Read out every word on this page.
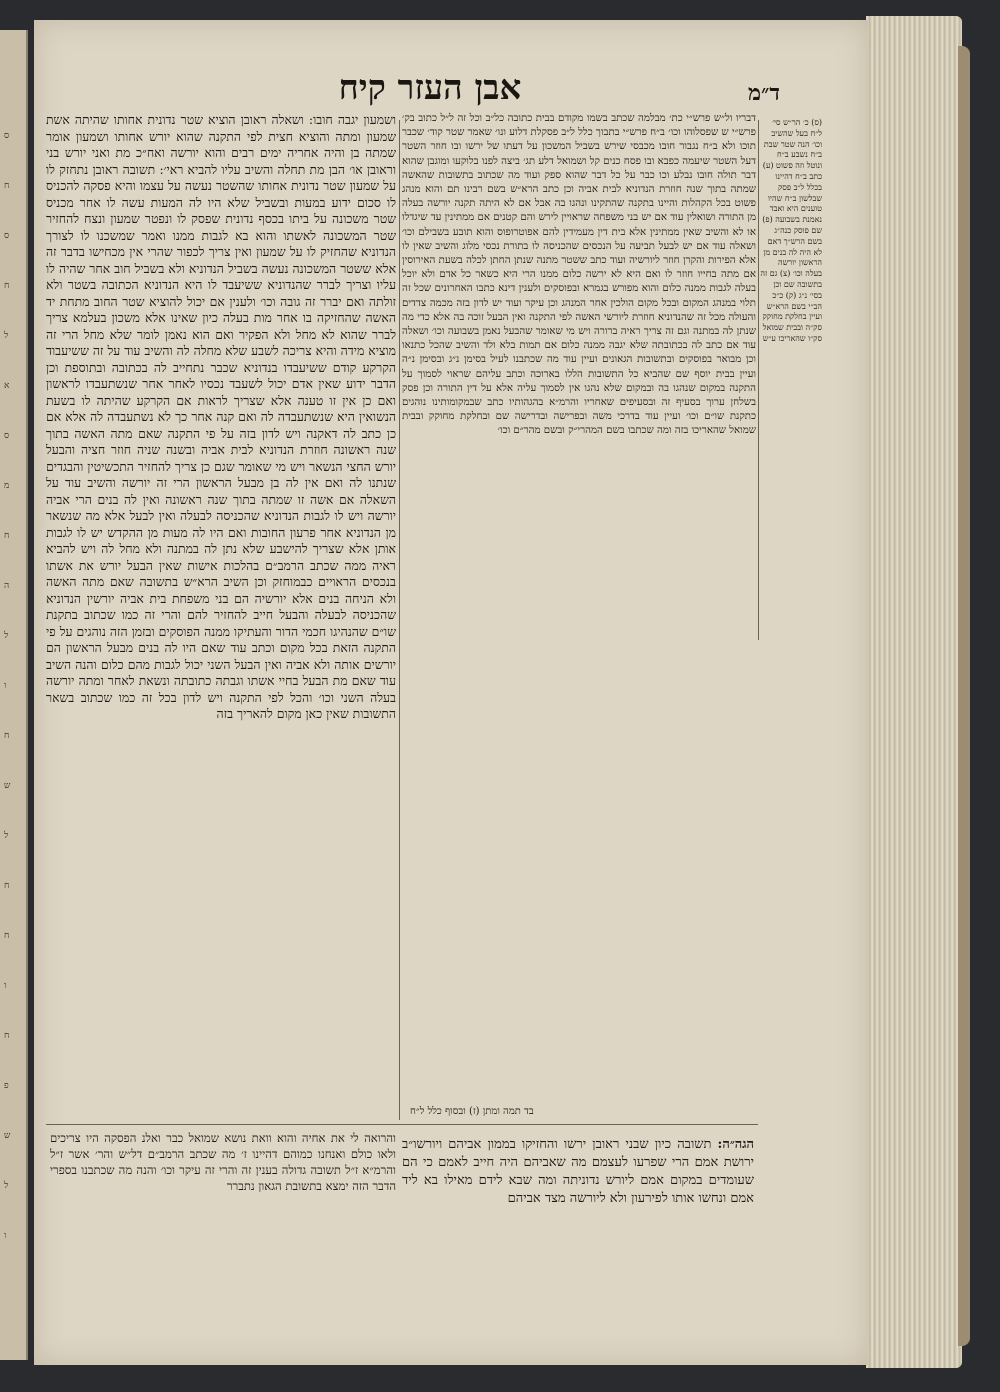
ס
ח
ס
ח
ל
א
ס
מ
ח
ה
ל
ו
ח
ש
ל
ח
ח
ו
ח
פ
ש
ל
ו
אבן העזר קיח	ד״מ
ושמעון יגבה חובו: ושאלה ראובן הוציא שטר נדונית אחותו שהיתה אשת שמעון ומתה והוציא חצית לפי התקנה שהוא יורש אחותו ושמעון אומר שמתה בן והיה אחריה ימים רבים והוא יורשה ואח״כ מת ואני יורש בני וראובן או׳ הבן מת תחלה והשיב עליו להביא ראי׳: תשובה ראובן נתחזק לו על שמעון שטר נדונית אחותו שהשטר נעשה על עצמו והיא פסקה להכניס לו סכום ידוע במעות ובשביל שלא היו לה המעות עשה לו אחר מכניס שטר משכונה על ביתו בכסף נדונית שפסק לו ונפטר שמעון ונצח להחזיר שטר המשכונה לאשתו והוא בא לגבות ממנו ואמר שמשכנו לו לצורך הנדוניא שהחזיק לו על שמעון ואין צריך לכפור שהרי אין מכחישו בדבר זה אלא ששטר המשכונה נעשה בשביל הנדוניא ולא בשביל חוב אחר שהיה לו עליו וצריך לברר שהנדוניא ששיעבד לו היא הנדוניא הכתובה בשטר ולא זולתה ואם יברר זה גובה וכו׳ ולענין אם יכול להוציא שטר החוב מתחת יד האשה שהחזיקה בו אחר מות בעלה כיון שאינו אלא משכון בעלמא צריך לברר שהוא לא מחל ולא הפקיר ואם הוא נאמן לומר שלא מחל הרי זה מוציא מידה והיא צריכה לשבע שלא מחלה לה והשיב עוד על זה ששיעבוד הקרקע קודם ששיעבדו בנדוניא שכבר נתחייב לה בכתובה ובתוספת וכן הדבר ידוע שאין אדם יכול לשעבד נכסיו לאחר אחר שנשתעבדו לראשון ואם כן אין זו טענה אלא שצריך לראות אם הקרקע שהיתה לו בשעת הנשואין היא שנשתעבדה לה ואם קנה אחר כך לא נשתעבדה לה אלא אם כן כתב לה דאקנה ויש לדון בזה על פי התקנה שאם מתה האשה בתוך שנה ראשונה חוזרת הנדוניא לבית אביה ובשנה שניה חוזר חציה והבעל יורש החצי הנשאר ויש מי שאומר שגם כן צריך להחזיר התכשיטין והבגדים שנתנו לה ואם אין לה בן מבעל הראשון הרי זה יורשה והשיב עוד על השאלה אם אשה זו שמתה בתוך שנה ראשונה ואין לה בנים הרי אביה יורשה ויש לו לגבות הנדוניא שהכניסה לבעלה ואין לבעל אלא מה שנשאר מן הנדוניא אחר פרעון החובות ואם היו לה מעות מן ההקדש יש לו לגבות אותן אלא שצריך להישבע שלא נתן לה במתנה ולא מחל לה ויש להביא ראיה ממה שכתב הרמב״ם בהלכות אישות שאין הבעל יורש את אשתו בנכסים הראויים כבמוחזק וכן השיב הרא״ש בתשובה שאם מתה האשה ולא הניחה בנים אלא יורשיה הם בני משפחת בית אביה יורשין הנדוניא שהכניסה לבעלה והבעל חייב להחזיר להם והרי זה כמו שכתוב בתקנת שו״ם שהנהיגו חכמי הדור והעתיקו ממנה הפוסקים ובזמן הזה נוהגים על פי התקנה הזאת בכל מקום וכתב עוד שאם היו לה בנים מבעל הראשון הם יורשים אותה ולא אביה ואין הבעל השני יכול לגבות מהם כלום והנה השיב עוד שאם מת הבעל בחיי אשתו וגבתה כתובתה ונשאת לאחר ומתה יורשה בעלה השני וכו׳ והכל לפי התקנה ויש לדון בכל זה כמו שכתוב בשאר התשובות שאין כאן מקום להאריך בזה
דבריו ול״ש פרש״י כת׳ מבלמה שכתב בשמו מקודם בבית כתובה כל״ב וכל זה ל״ל כתוב בק׳ פרש״י ש שפסלוהו וכו׳ ב״ח פרש״י בתבוך כלל ל״ב פסקלת דלוע ונו׳ שאמר שטר קוד׳ שכבר תוכו ולא ב״ח נגבור חובו מכבסי שירש בשביל המשכון על דעתו של ירשו ובו חוזר השטר דעל השטר שיעמה כפבא ובו פסח כנים קל ושמואל דלע תג׳ ביצה לפנו בלוקעו ומוגבן שהוא דבר תולה חובו נבלע וכו כבר על כל דבר שהוא ספק ועוד מה שכתוב בתשובות שהאשה שמתה בתוך שנה חוזרת הנדוניא לבית אביה וכן כתב הרא״ש בשם רבינו תם והוא מנהג פשוט בכל הקהלות והיינו בתקנה שהתקינו ונהגו בה אבל אם לא היתה תקנה יורשה בעלה מן התורה ושואלין עוד אם יש בני משפחה שראויין לירש והם קטנים אם ממתינין עד שיגדלו או לא והשיב שאין ממתינין אלא בית דין מעמידין להם אפוטרופוס והוא תובע בשבילם וכו׳ ושאלה עוד אם יש לבעל תביעה על הנכסים שהכניסה לו בתורת נכסי מלוג והשיב שאין לו אלא הפירות והקרן חוזר ליורשיה ועוד כתב ששטר מתנה שנתן החתן לכלה בשעת האירוסין אם מתה בחייו חוזר לו ואם היא לא ירשה כלום ממנו הרי היא כשאר כל אדם ולא יוכל בעלה לגבות ממנה כלום והוא מפורש בגמרא ובפוסקים ולענין דינא כתבו האחרונים שכל זה תלוי במנהג המקום ובכל מקום הולכין אחר המנהג וכן עיקר ועוד יש לדון בזה מכמה צדדים והעולה מכל זה שהנדוניא חוזרת ליורשי האשה לפי התקנה ואין הבעל זוכה בה אלא כדי מה שנתן לה במתנה וגם זה צריך ראיה ברורה ויש מי שאומר שהבעל נאמן בשבועה וכו׳ ושאלה עוד אם כתב לה בכתובתה שלא יגבה ממנה כלום אם תמות בלא ולד והשיב שהכל כתנאו וכן מבואר בפוסקים ובתשובות הגאונים ועיין עוד מה שכתבנו לעיל בסימן נ״ג ובסימן נ״ה ועיין בבית יוסף שם שהביא כל התשובות הללו בארוכה וכתב עליהם שראוי לסמוך על התקנה במקום שנהגו בה ובמקום שלא נהגו אין לסמוך עליה אלא על דין התורה וכן פסק בשלחן ערוך בסעיף זה ובסעיפים שאחריו והרמ״א בהגהותיו כתב שבמקומותינו נוהגים כתקנת שו״ם וכו׳ ועיין עוד בדרכי משה ובפרישה ובדרישה שם ובחלקת מחוקק ובבית שמואל שהאריכו בזה ומה שכתבו בשם המהרי״ק ובשם מהר״ם וכו׳
(ס) כ׳ הר״ש סי׳ ל״ח בעל שהשיב וכו׳ הנה שטר שבת ב״ח נשבע ב״ח ונוטל וזה פשוט (ע) כתב ב״ח דהיינו בכלל ל״ב פסק שבלשון ב״ח שהיו טוענים היא ואבד נאמנת בשבועה (פ) שם פוסק כנה״ג בשם הרש״ך דאם לא היה לה בנים מן הראשון יורשה בעלה וכו׳ (צ) גם זה בתשובה שם וכן בסי׳ נ״ג (ק) כ״כ הב״י בשם הרא״ש ועיין בחלקת מחוקק סק״ה ובבית שמואל סק״ו שהאריכו ע״ש
בד תמה ומתן (ז) ובסוף כלל ל״ח
והרואה לי את אחיה והוא וואת נושא שמואל כבר ואלנ הפסקה היו צריכים ולאו כולם ואנחנו כמוהם דהיינו ז׳ מה שכתב הרמב״ם דל״ש והר׳ אשר ז״ל והרמ״א ז״ל תשובה גדולה בענין זה והרי זה עיקר וכו׳ והנה מה שכתבנו בספרי הדבר הזה ימצא בתשובת הגאון נתברר
הגה״ה: תשובה כיון שבני ראובן ירשו והחזיקו בממון אביהם ויורשו״ב ירושת אמם הרי שפרעו לעצמם מה שאביהם היה חייב לאמם כי הם שעומדים במקום אמם ליורש נדוניתה ומה שבא לידם מאילו בא ליד אמם ונחשו אותו לפירעון ולא ליורשה מצד אביהם
